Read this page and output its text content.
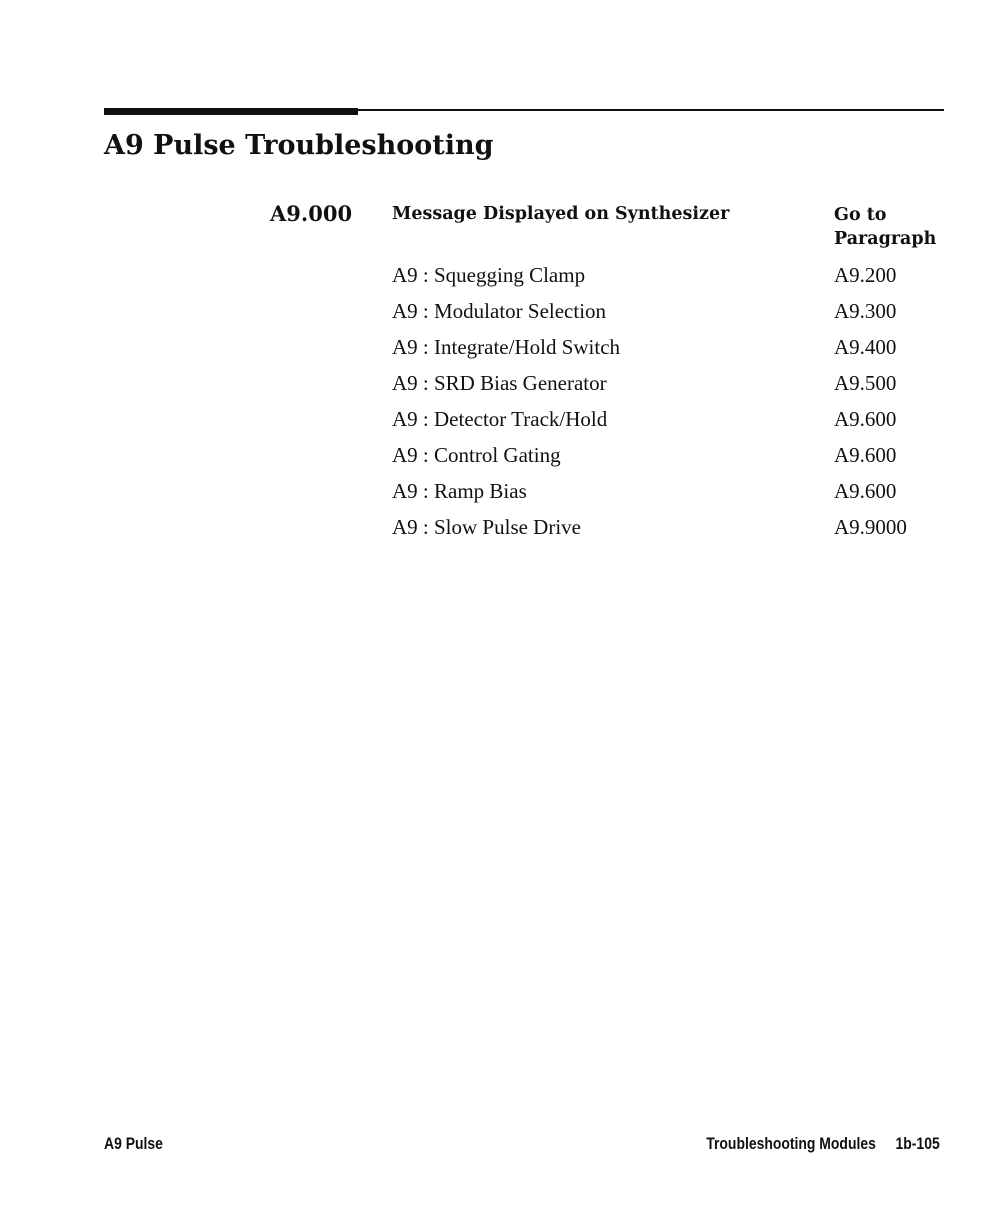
A9 Pulse Troubleshooting
A9.000 Message Displayed on Synthesizer	Go to
Paragraph
A9 : Squegging Clamp	A9.200
A9 : Modulator Selection	A9.300
A9 : Integrate/Hold Switch	A9.400
A9 : SRD Bias Generator	A9.500
A9 : Detector Track/Hold	A9.600
A9 : Control Gating	A9.600
A9 : Ramp Bias	A9.600
A9 : Slow Pulse Drive	A9.9000
A9 Pulse	Troubleshooting Modules 1b-105
